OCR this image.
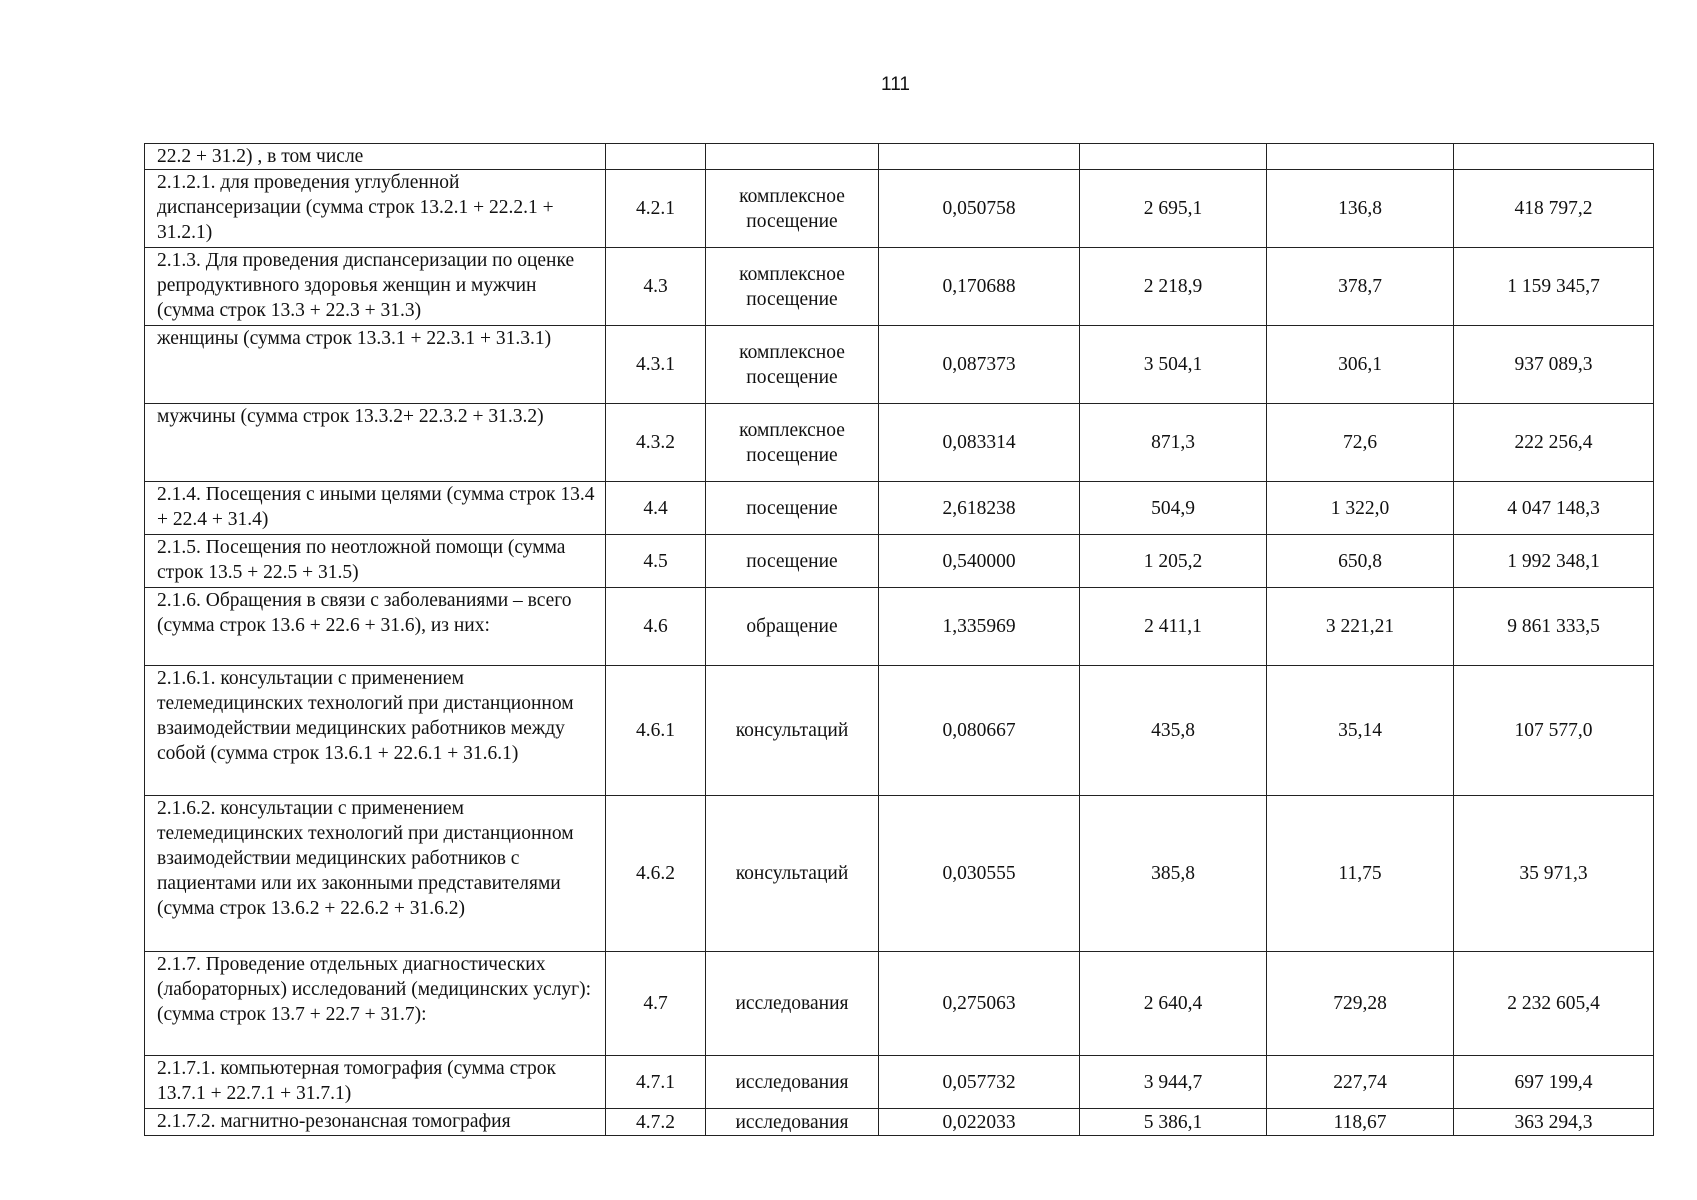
111
22.2 + 31.2) , в том числе						
2.1.2.1. для проведения углубленной диспансеризации (сумма строк 13.2.1 + 22.2.1 + 31.2.1)	4.2.1	комплексное посещение	0,050758	2 695,1	136,8	418 797,2
2.1.3. Для проведения диспансеризации по оценке репродуктивного здоровья женщин и мужчин (сумма строк 13.3 + 22.3 + 31.3)	4.3	комплексное посещение	0,170688	2 218,9	378,7	1 159 345,7
женщины (сумма строк 13.3.1 + 22.3.1 + 31.3.1)	4.3.1	комплексное посещение	0,087373	3 504,1	306,1	937 089,3
мужчины (сумма строк 13.3.2+ 22.3.2 + 31.3.2)	4.3.2	комплексное посещение	0,083314	871,3	72,6	222 256,4
2.1.4. Посещения с иными целями (сумма строк 13.4 + 22.4 + 31.4)	4.4	посещение	2,618238	504,9	1 322,0	4 047 148,3
2.1.5. Посещения по неотложной помощи (сумма строк 13.5 + 22.5 + 31.5)	4.5	посещение	0,540000	1 205,2	650,8	1 992 348,1
2.1.6. Обращения в связи с заболеваниями – всего (сумма строк 13.6 + 22.6 + 31.6), из них:	4.6	обращение	1,335969	2 411,1	3 221,21	9 861 333,5
2.1.6.1. консультации с применением телемедицинских технологий при дистанционном взаимодействии медицинских работников между собой (сумма строк 13.6.1 + 22.6.1 + 31.6.1)	4.6.1	консультаций	0,080667	435,8	35,14	107 577,0
2.1.6.2. консультации с применением телемедицинских технологий при дистанционном взаимодействии медицинских работников с пациентами или их законными представителями (сумма строк 13.6.2 + 22.6.2 + 31.6.2)	4.6.2	консультаций	0,030555	385,8	11,75	35 971,3
2.1.7. Проведение отдельных диагностических (лабораторных) исследований (медицинских услуг): (сумма строк 13.7 + 22.7 + 31.7):	4.7	исследования	0,275063	2 640,4	729,28	2 232 605,4
2.1.7.1. компьютерная томография (сумма строк 13.7.1 + 22.7.1 + 31.7.1)	4.7.1	исследования	0,057732	3 944,7	227,74	697 199,4
2.1.7.2. магнитно-резонансная томография	4.7.2	исследования	0,022033	5 386,1	118,67	363 294,3
